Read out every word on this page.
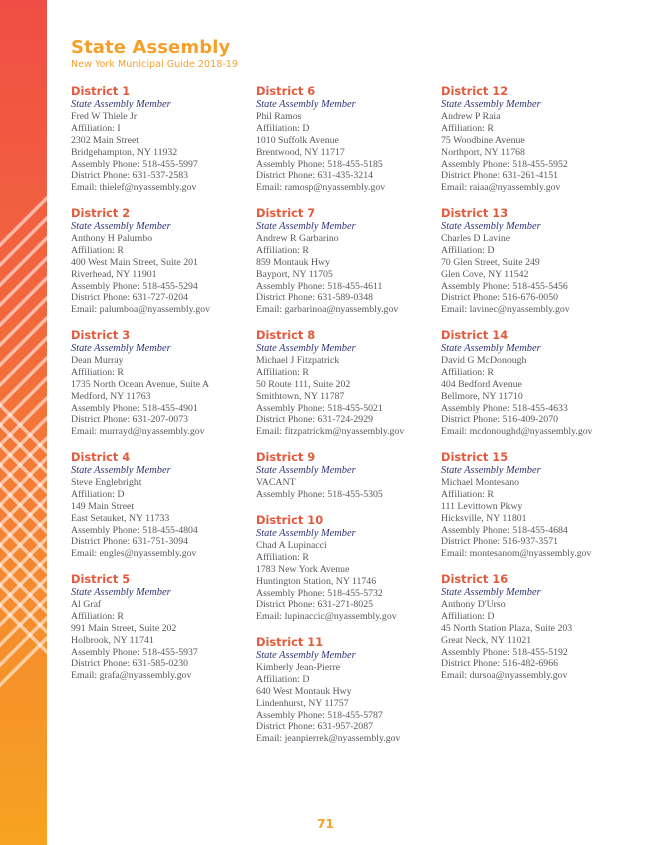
State Assembly
New York Municipal Guide 2018-19
District 1
State Assembly Member
Fred W Thiele Jr
Affiliation: I
2302 Main Street
Bridgehampton, NY 11932
Assembly Phone: 518-455-5997
District Phone: 631-537-2583
Email: thielef@nyassembly.gov
District 2
State Assembly Member
Anthony H Palumbo
Affiliation: R
400 West Main Street, Suite 201
Riverhead, NY 11901
Assembly Phone: 518-455-5294
District Phone: 631-727-0204
Email: palumboa@nyassembly.gov
District 3
State Assembly Member
Dean Murray
Affiliation: R
1735 North Ocean Avenue, Suite A
Medford, NY 11763
Assembly Phone: 518-455-4901
District Phone: 631-207-0073
Email: murrayd@nyassembly.gov
District 4
State Assembly Member
Steve Englebright
Affiliation: D
149 Main Street
East Setauket, NY 11733
Assembly Phone: 518-455-4804
District Phone: 631-751-3094
Email: engles@nyassembly.gov
District 5
State Assembly Member
Al Graf
Affiliation: R
991 Main Street, Suite 202
Holbrook, NY 11741
Assembly Phone: 518-455-5937
District Phone: 631-585-0230
Email: grafa@nyassembly.gov
District 6
State Assembly Member
Phil Ramos
Affiliation: D
1010 Suffolk Avenue
Brentwood, NY 11717
Assembly Phone: 518-455-5185
District Phone: 631-435-3214
Email: ramosp@nyassembly.gov
District 7
State Assembly Member
Andrew R Garbarino
Affiliation: R
859 Montauk Hwy
Bayport, NY 11705
Assembly Phone: 518-455-4611
District Phone: 631-589-0348
Email: garbarinoa@nyassembly.gov
District 8
State Assembly Member
Michael J Fitzpatrick
Affiliation: R
50 Route 111, Suite 202
Smithtown, NY 11787
Assembly Phone: 518-455-5021
District Phone: 631-724-2929
Email: fitzpatrickm@nyassembly.gov
District 9
State Assembly Member
VACANT
Assembly Phone: 518-455-5305
District 10
State Assembly Member
Chad A Lupinacci
Affiliation: R
1783 New York Avenue
Huntington Station, NY 11746
Assembly Phone: 518-455-5732
District Phone: 631-271-8025
Email: lupinaccic@nyassembly.gov
District 11
State Assembly Member
Kimberly Jean-Pierre
Affiliation: D
640 West Montauk Hwy
Lindenhurst, NY 11757
Assembly Phone: 518-455-5787
District Phone: 631-957-2087
Email: jeanpierrek@nyassembly.gov
District 12
State Assembly Member
Andrew P Raia
Affiliation: R
75 Woodbine Avenue
Northport, NY 11768
Assembly Phone: 518-455-5952
District Phone: 631-261-4151
Email: raiaa@nyassembly.gov
District 13
State Assembly Member
Charles D Lavine
Affiliation: D
70 Glen Street, Suite 249
Glen Cove, NY 11542
Assembly Phone: 518-455-5456
District Phone: 516-676-0050
Email: lavinec@nyassembly.gov
District 14
State Assembly Member
David G McDonough
Affiliation: R
404 Bedford Avenue
Bellmore, NY 11710
Assembly Phone: 518-455-4633
District Phone: 516-409-2070
Email: mcdonoughd@nyassembly.gov
District 15
State Assembly Member
Michael Montesano
Affiliation: R
111 Levittown Pkwy
Hicksville, NY 11801
Assembly Phone: 518-455-4684
District Phone: 516-937-3571
Email: montesanom@nyassembly.gov
District 16
State Assembly Member
Anthony D'Urso
Affiliation: D
45 North Station Plaza, Suite 203
Great Neck, NY 11021
Assembly Phone: 518-455-5192
District Phone: 516-482-6966
Email: dursoa@nyassembly.gov
71
